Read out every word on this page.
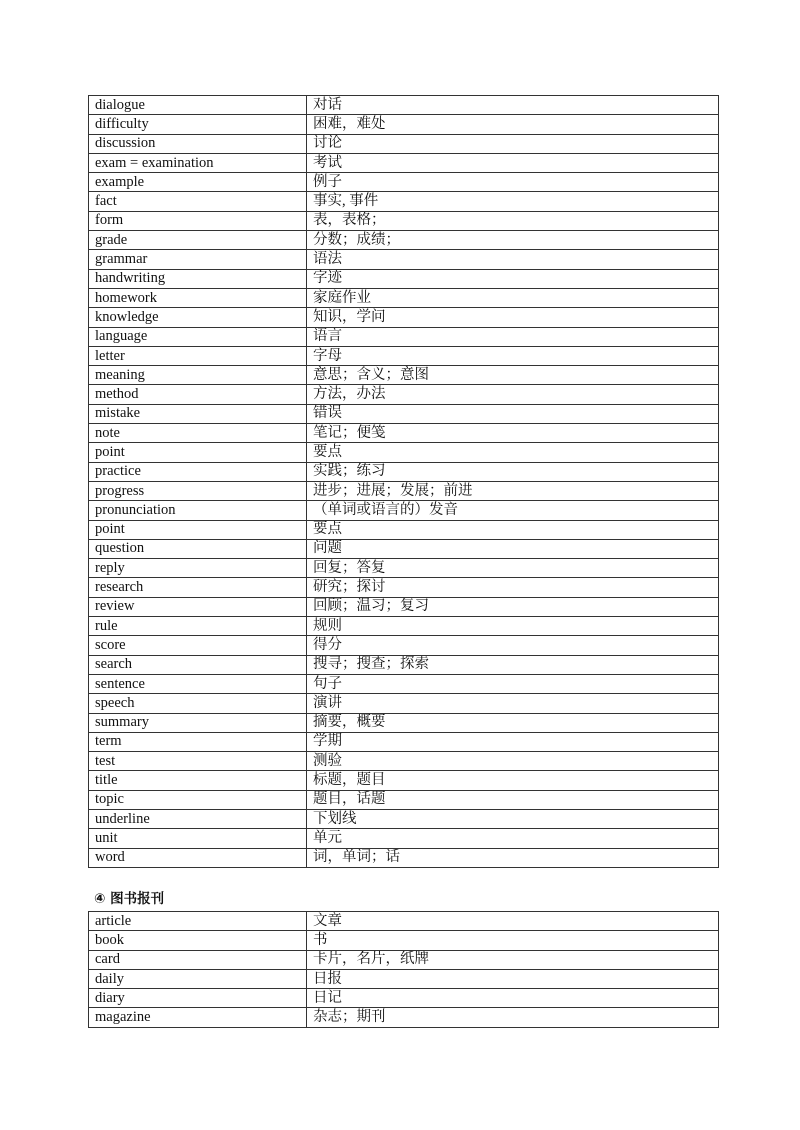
dialogue	对话
difficulty	困难，难处
discussion	讨论
exam = examination	考试
example	例子
fact	事实, 事件
form	表，表格；
grade	分数；成绩；
grammar	语法
handwriting	字迹
homework	家庭作业
knowledge	知识，学问
language	语言
letter	字母
meaning	意思；含义；意图
method	方法，办法
mistake	错误
note	笔记；便笺
point	要点
practice	实践；练习
progress	进步；进展；发展；前进
pronunciation	（单词或语言的）发音
point	要点
question	问题
reply	回复；答复
research	研究；探讨
review	回顾；温习；复习
rule	规则
score	得分
search	搜寻；搜查；探索
sentence	句子
speech	演讲
summary	摘要，概要
term	学期
test	测验
title	标题，题目
topic	题目，话题
underline	下划线
unit	单元
word	词，单词；话
④ 图书报刊
article	文章
book	书
card	卡片，名片，纸牌
daily	日报
diary	日记
magazine	杂志；期刊
